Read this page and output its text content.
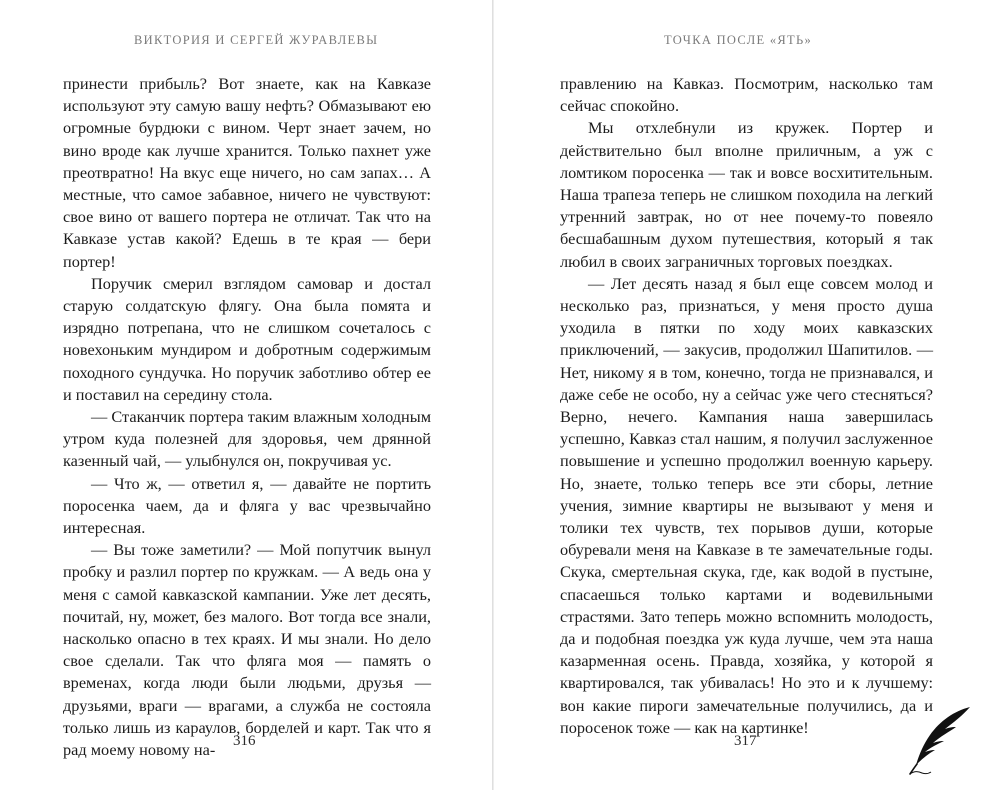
ВИКТОРИЯ И СЕРГЕЙ ЖУРАВЛЕВЫ

принести прибыль? Вот знаете, как на Кавказе используют эту самую вашу нефть? Обмазывают ею огромные бурдюки с вином. Черт знает зачем, но вино вроде как лучше хранится. Только пахнет уже преотвратно! На вкус еще ничего, но сам запах… А местные, что самое забавное, ничего не чувствуют: свое вино от вашего портера не отличат. Так что на Кавказе устав какой? Едешь в те края — бери портер!

Поручик смерил взглядом самовар и достал старую солдатскую флягу. Она была помята и изрядно потрепана, что не слишком сочеталось с новехоньким мундиром и добротным содержимым походного сундучка. Но поручик заботливо обтер ее и поставил на середину стола.

— Стаканчик портера таким влажным холодным утром куда полезней для здоровья, чем дрянной казенный чай, — улыбнулся он, покручивая ус.

— Что ж, — ответил я, — давайте не портить поросенка чаем, да и фляга у вас чрезвычайно интересная.

— Вы тоже заметили? — Мой попутчик вынул пробку и разлил портер по кружкам. — А ведь она у меня с самой кавказской кампании. Уже лет десять, почитай, ну, может, без малого. Вот тогда все знали, насколько опасно в тех краях. И мы знали. Но дело свое сделали. Так что фляга моя — память о временах, когда люди были людьми, друзья — друзьями, враги — врагами, а служба не состояла только лишь из караулов, борделей и карт. Так что я рад моему новому на-	316

ТОЧКА ПОСЛЕ «ЯТЬ»

правлению на Кавказ. Посмотрим, насколько там сейчас спокойно.

Мы отхлебнули из кружек. Портер и действительно был вполне приличным, а уж с ломтиком поросенка — так и вовсе восхитительным. Наша трапеза теперь не слишком походила на легкий утренний завтрак, но от нее почему-то повеяло бесшабашным духом путешествия, который я так любил в своих заграничных торговых поездках.

— Лет десять назад я был еще совсем молод и несколько раз, признаться, у меня просто душа уходила в пятки по ходу моих кавказских приключений, — закусив, продолжил Шапитилов. — Нет, никому я в том, конечно, тогда не признавался, и даже себе не особо, ну а сейчас уже чего стесняться? Верно, нечего. Кампания наша завершилась успешно, Кавказ стал нашим, я получил заслуженное повышение и успешно продолжил военную карьеру. Но, знаете, только теперь все эти сборы, летние учения, зимние квартиры не вызывают у меня и толики тех чувств, тех порывов души, которые обуревали меня на Кавказе в те замечательные годы. Скука, смертельная скука, где, как водой в пустыне, спасаешься только картами и водевильными страстями. Зато теперь можно вспомнить молодость, да и подобная поездка уж куда лучше, чем эта наша казарменная осень. Правда, хозяйка, у которой я квартировался, так убивалась! Но это и к лучшему: вон какие пироги замечательные получились, да и поросенок тоже — как на картинке!

317
